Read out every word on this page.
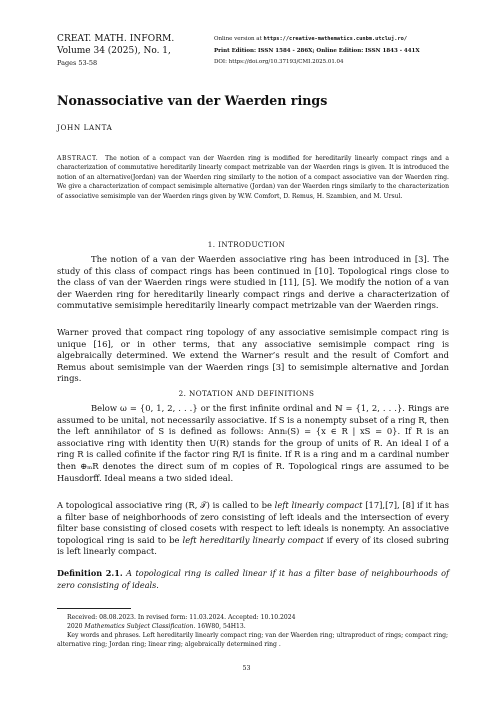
CREAT. MATH. INFORM.
Volume 34 (2025), No. 1,
Pages 53-58
Online version at https://creative-mathematics.cunbm.utcluj.ro/
Print Edition: ISSN 1584 - 286X; Online Edition: ISSN 1843 - 441X
DOI: https://doi.org/10.37193/CMI.2025.01.04
Nonassociative van der Waerden rings
JOHN LANTA
ABSTRACT. The notion of a compact van der Waerden ring is modified for hereditarily linearly compact rings and a characterization of commutative hereditarily linearly compact metrizable van der Waerden rings is given. It is introduced the notion of an alternative(Jordan) van der Waerden ring similarly to the notion of a compact associative van der Waerden ring. We give a characterization of compact semisimple alternative (Jordan) van der Waerden rings similarly to the characterization of associative semisimple van der Waerden rings given by W.W. Comfort, D. Remus, H. Szambien, and M. Ursul.
1. INTRODUCTION
The notion of a van der Waerden associative ring has been introduced in [3]. The study of this class of compact rings has been continued in [10]. Topological rings close to the class of van der Waerden rings were studied in [11], [5]. We modify the notion of a van der Waerden ring for hereditarily linearly compact rings and derive a characterization of commutative semisimple hereditarily linearly compact metrizable van der Waerden rings.
Warner proved that compact ring topology of any associative semisimple compact ring is unique [16], or in other terms, that any associative semisimple compact ring is algebraically determined. We extend the Warner’s result and the result of Comfort and Remus about semisimple van der Waerden rings [3] to semisimple alternative and Jordan rings.
2. NOTATION AND DEFINITIONS
Below ω = {0, 1, 2, . . .} or the first infinite ordinal and ℕ = {1, 2, . . .}. Rings are assumed to be unital, not necessarily associative. If S is a nonempty subset of a ring R, then the left annihilator of S is defined as follows: Annₗ(S) = {x ∈ R | xS = 0}. If R is an associative ring with identity then U(R) stands for the group of units of R. An ideal I of a ring R is called cofinite if the factor ring R/I is finite. If R is a ring and m a cardinal number then ⊕ₘR denotes the direct sum of m copies of R. Topological rings are assumed to be Hausdorff. Ideal means a two sided ideal.
A topological associative ring (R, 𝒯) is called to be left linearly compact [17],[7], [8] if it has a filter base of neighborhoods of zero consisting of left ideals and the intersection of every filter base consisting of closed cosets with respect to left ideals is nonempty. An associative topological ring is said to be left hereditarily linearly compact if every of its closed subring is left linearly compact.
Definition 2.1. A topological ring is called linear if it has a filter base of neighbourhoods of zero consisting of ideals.
Received: 08.08.2023. In revised form: 11.03.2024. Accepted: 10.10.2024
2020 Mathematics Subject Classification. 16W80, 54H13.
Key words and phrases. Left hereditarily linearly compact ring; van der Waerden ring; ultraproduct of rings; compact ring; alternative ring; Jordan ring; linear ring; algebraically determined ring .
53
